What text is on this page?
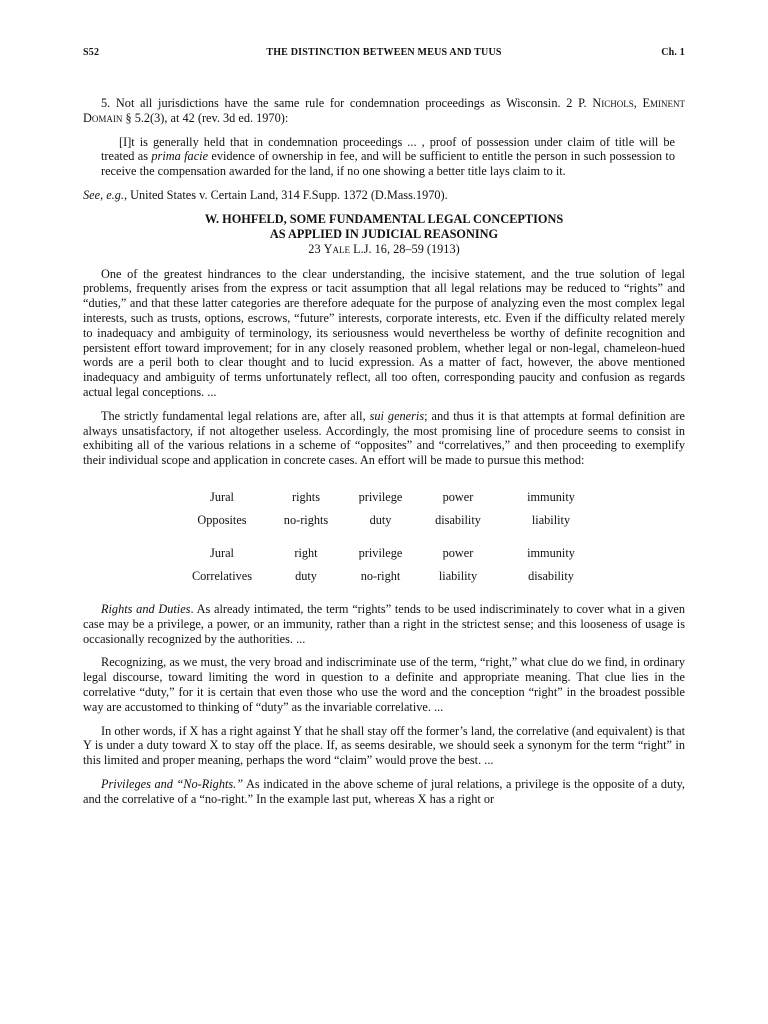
S52	THE DISTINCTION BETWEEN MEUS AND TUUS	Ch. 1

5. Not all jurisdictions have the same rule for condemnation proceedings as Wisconsin. 2 P. Nichols, Eminent Domain § 5.2(3), at 42 (rev. 3d ed. 1970):

[I]t is generally held that in condemnation proceedings ... , proof of possession under claim of title will be treated as prima facie evidence of ownership in fee, and will be sufficient to entitle the person in such possession to receive the compensation awarded for the land, if no one showing a better title lays claim to it.

See, e.g., United States v. Certain Land, 314 F.Supp. 1372 (D.Mass.1970).

W. HOHFELD, SOME FUNDAMENTAL LEGAL CONCEPTIONS
AS APPLIED IN JUDICIAL REASONING
23 Yale L.J. 16, 28–59 (1913)

One of the greatest hindrances to the clear understanding, the incisive statement, and the true solution of legal problems, frequently arises from the express or tacit assumption that all legal relations may be reduced to “rights” and “duties,” and that these latter categories are therefore adequate for the purpose of analyzing even the most complex legal interests, such as trusts, options, escrows, “future” interests, corporate interests, etc. Even if the difficulty related merely to inadequacy and ambiguity of terminology, its seriousness would nevertheless be worthy of definite recognition and persistent effort toward improvement; for in any closely reasoned problem, whether legal or non-legal, chameleon-hued words are a peril both to clear thought and to lucid expression. As a matter of fact, however, the above mentioned inadequacy and ambiguity of terms unfortunately reflect, all too often, corresponding paucity and confusion as regards actual legal conceptions. ...

The strictly fundamental legal relations are, after all, sui generis; and thus it is that attempts at formal definition are always unsatisfactory, if not altogether useless. Accordingly, the most promising line of procedure seems to consist in exhibiting all of the various relations in a scheme of “opposites” and “correlatives,” and then proceeding to exemplify their individual scope and application in concrete cases. An effort will be made to pursue this method:

Jural	rights	privilege	power	immunity
Opposites	no-rights	duty	disability	liability

Jural	right	privilege	power	immunity
Correlatives	duty	no-right	liability	disability

Rights and Duties. As already intimated, the term “rights” tends to be used indiscriminately to cover what in a given case may be a privilege, a power, or an immunity, rather than a right in the strictest sense; and this looseness of usage is occasionally recognized by the authorities. ...

Recognizing, as we must, the very broad and indiscriminate use of the term, “right,” what clue do we find, in ordinary legal discourse, toward limiting the word in question to a definite and appropriate meaning. That clue lies in the correlative “duty,” for it is certain that even those who use the word and the conception “right” in the broadest possible way are accustomed to thinking of “duty” as the invariable correlative. ...

In other words, if X has a right against Y that he shall stay off the former’s land, the correlative (and equivalent) is that Y is under a duty toward X to stay off the place. If, as seems desirable, we should seek a synonym for the term “right” in this limited and proper meaning, perhaps the word “claim” would prove the best. ...

Privileges and “No-Rights.” As indicated in the above scheme of jural relations, a privilege is the opposite of a duty, and the correlative of a “no-right.” In the example last put, whereas X has a right or
